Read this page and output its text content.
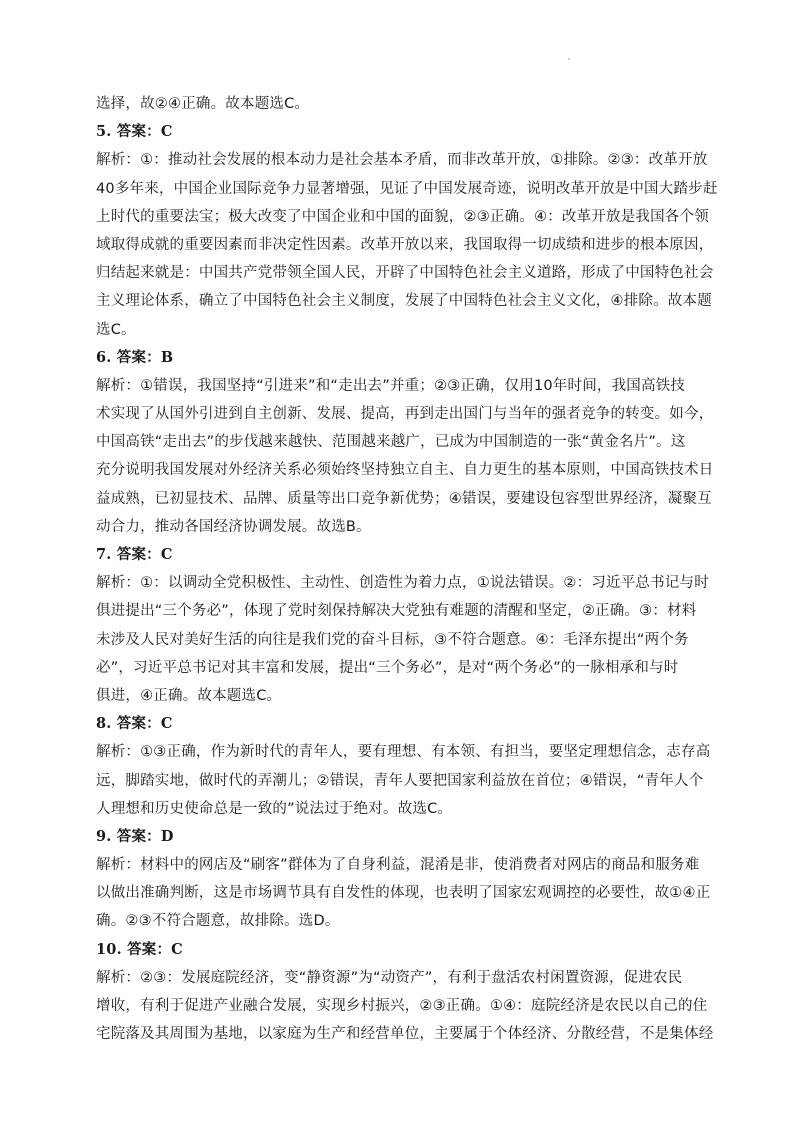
选择，故②④正确。故本题选C。
5. 答案：C
解析：①：推动社会发展的根本动力是社会基本矛盾，而非改革开放，①排除。②③：改革开放
40多年来，中国企业国际竞争力显著增强，见证了中国发展奇迹，说明改革开放是中国大踏步赶
上时代的重要法宝；极大改变了中国企业和中国的面貌，②③正确。④：改革开放是我国各个领
域取得成就的重要因素而非决定性因素。改革开放以来，我国取得一切成绩和进步的根本原因，
归结起来就是：中国共产党带领全国人民，开辟了中国特色社会主义道路，形成了中国特色社会
主义理论体系，确立了中国特色社会主义制度，发展了中国特色社会主义文化，④排除。故本题
选C。
6. 答案：B
解析：①错误，我国坚持“引进来”和“走出去”并重；②③正确，仅用10年时间，我国高铁技
术实现了从国外引进到自主创新、发展、提高，再到走出国门与当年的强者竞争的转变。如今，
中国高铁“走出去”的步伐越来越快、范围越来越广，已成为中国制造的一张“黄金名片”。这
充分说明我国发展对外经济关系必须始终坚持独立自主、自力更生的基本原则，中国高铁技术日
益成熟，已初显技术、品牌、质量等出口竞争新优势；④错误，要建设包容型世界经济，凝聚互
动合力，推动各国经济协调发展。故选B。
7. 答案：C
解析：①：以调动全党积极性、主动性、创造性为着力点，①说法错误。②：习近平总书记与时
俱进提出“三个务必”，体现了党时刻保持解决大党独有难题的清醒和坚定，②正确。③：材料
未涉及人民对美好生活的向往是我们党的奋斗目标，③不符合题意。④：毛泽东提出“两个务
必”，习近平总书记对其丰富和发展，提出“三个务必”，是对“两个务必”的一脉相承和与时
俱进，④正确。故本题选C。
8. 答案：C
解析：①③正确，作为新时代的青年人，要有理想、有本领、有担当，要坚定理想信念，志存高
远，脚踏实地，做时代的弄潮儿；②错误，青年人要把国家利益放在首位；④错误，“青年人个
人理想和历史使命总是一致的”说法过于绝对。故选C。
9. 答案：D
解析：材料中的网店及“刷客”群体为了自身利益，混淆是非，使消费者对网店的商品和服务难
以做出准确判断，这是市场调节具有自发性的体现，也表明了国家宏观调控的必要性，故①④正
确。②③不符合题意，故排除。选D。
10. 答案：C
解析：②③：发展庭院经济，变“静资源”为“动资产”，有利于盘活农村闲置资源，促进农民
增收，有利于促进产业融合发展，实现乡村振兴，②③正确。①④：庭院经济是农民以自己的住
宅院落及其周围为基地，以家庭为生产和经营单位，主要属于个体经济、分散经营，不是集体经
